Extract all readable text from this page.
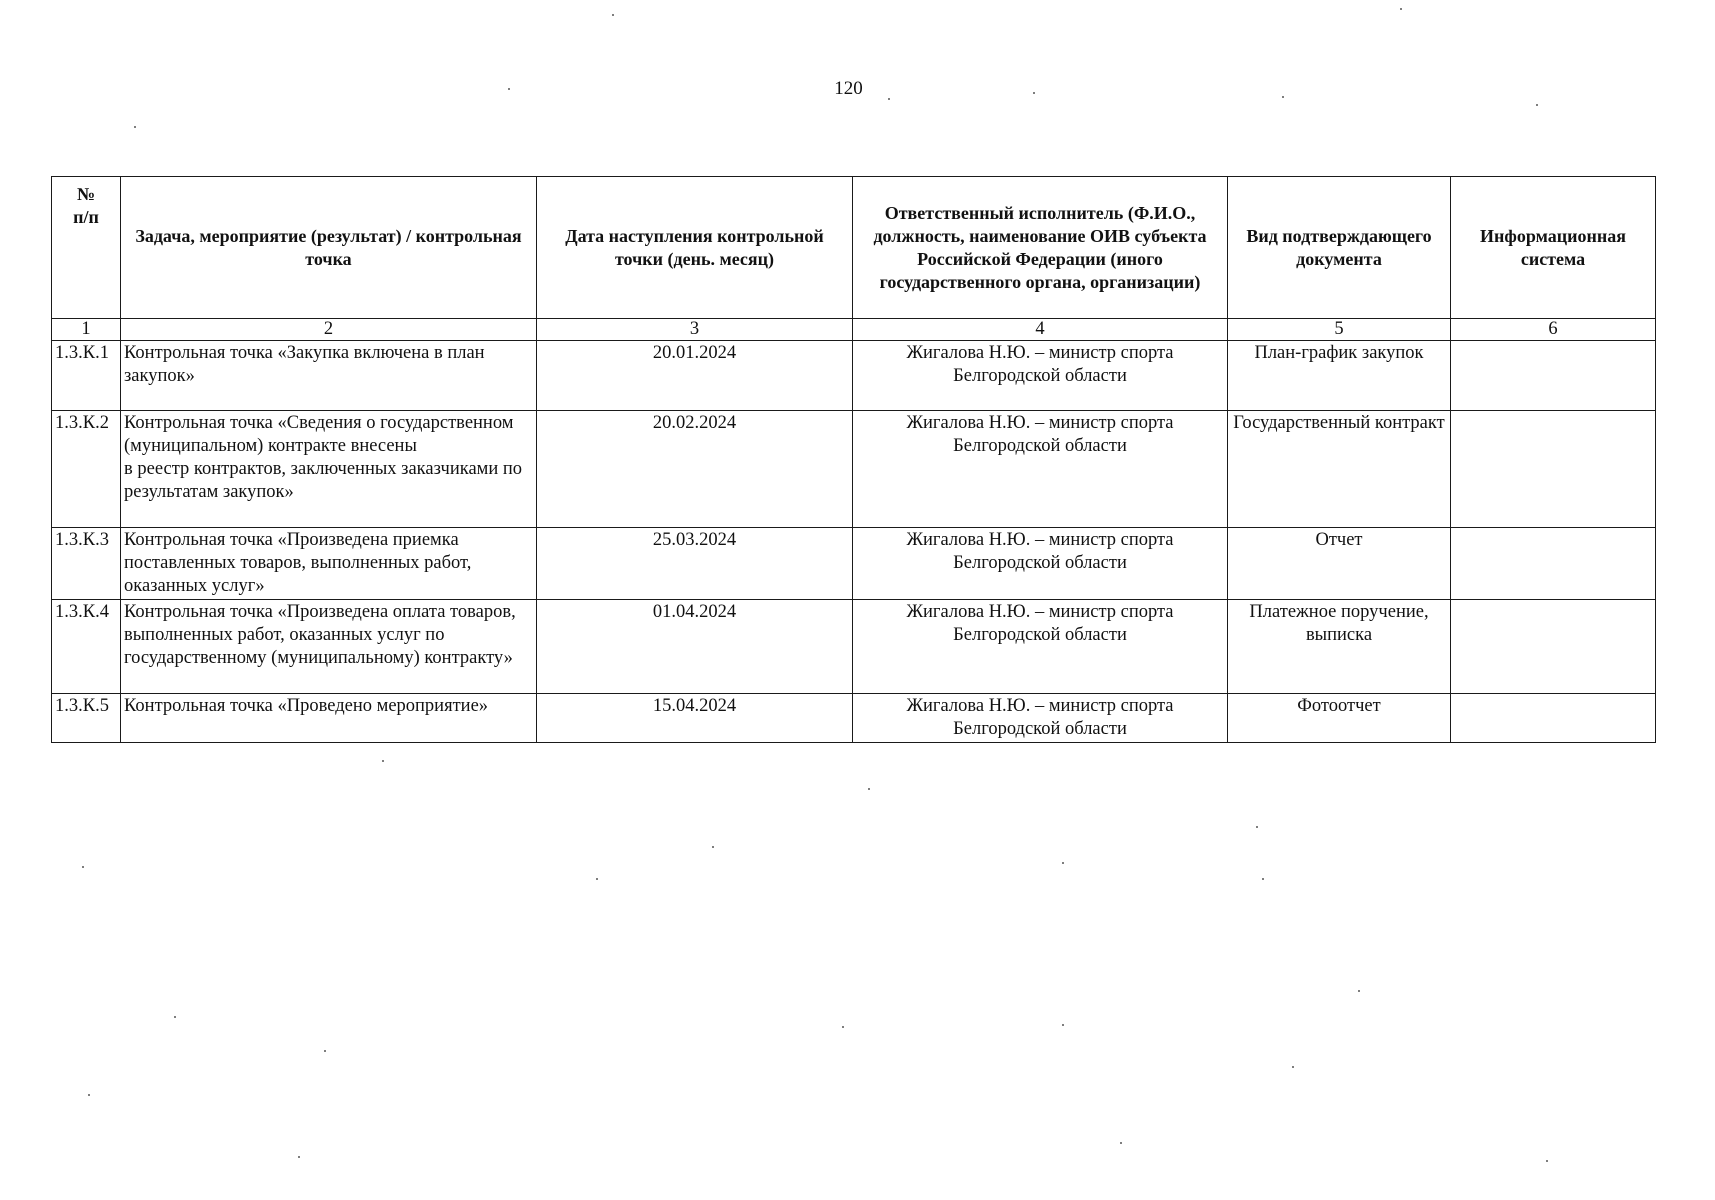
120
№
п/п	Задача, мероприятие (результат) / контрольная точка	Дата наступления контрольной точки (день. месяц)	Ответственный исполнитель (Ф.И.О., должность, наименование ОИВ субъекта Российской Федерации (иного государственного органа, организации)	Вид подтверждающего документа	Информационная система
1	2	3	4	5	6
1.3.К.1	Контрольная точка «Закупка включена в план закупок»	20.01.2024	Жигалова Н.Ю. – министр спорта Белгородской области	План-график закупок	
1.3.К.2	Контрольная точка «Сведения о государственном (муниципальном) контракте внесены
в реестр контрактов, заключенных заказчиками по результатам закупок»	20.02.2024	Жигалова Н.Ю. – министр спорта Белгородской области	Государственный контракт	
1.3.К.3	Контрольная точка «Произведена приемка поставленных товаров, выполненных работ, оказанных услуг»	25.03.2024	Жигалова Н.Ю. – министр спорта Белгородской области	Отчет	
1.3.К.4	Контрольная точка «Произведена оплата товаров, выполненных работ, оказанных услуг по государственному (муниципальному) контракту»	01.04.2024	Жигалова Н.Ю. – министр спорта Белгородской области	Платежное поручение, выписка	
1.3.К.5	Контрольная точка «Проведено мероприятие»	15.04.2024	Жигалова Н.Ю. – министр спорта Белгородской области	Фотоотчет	
